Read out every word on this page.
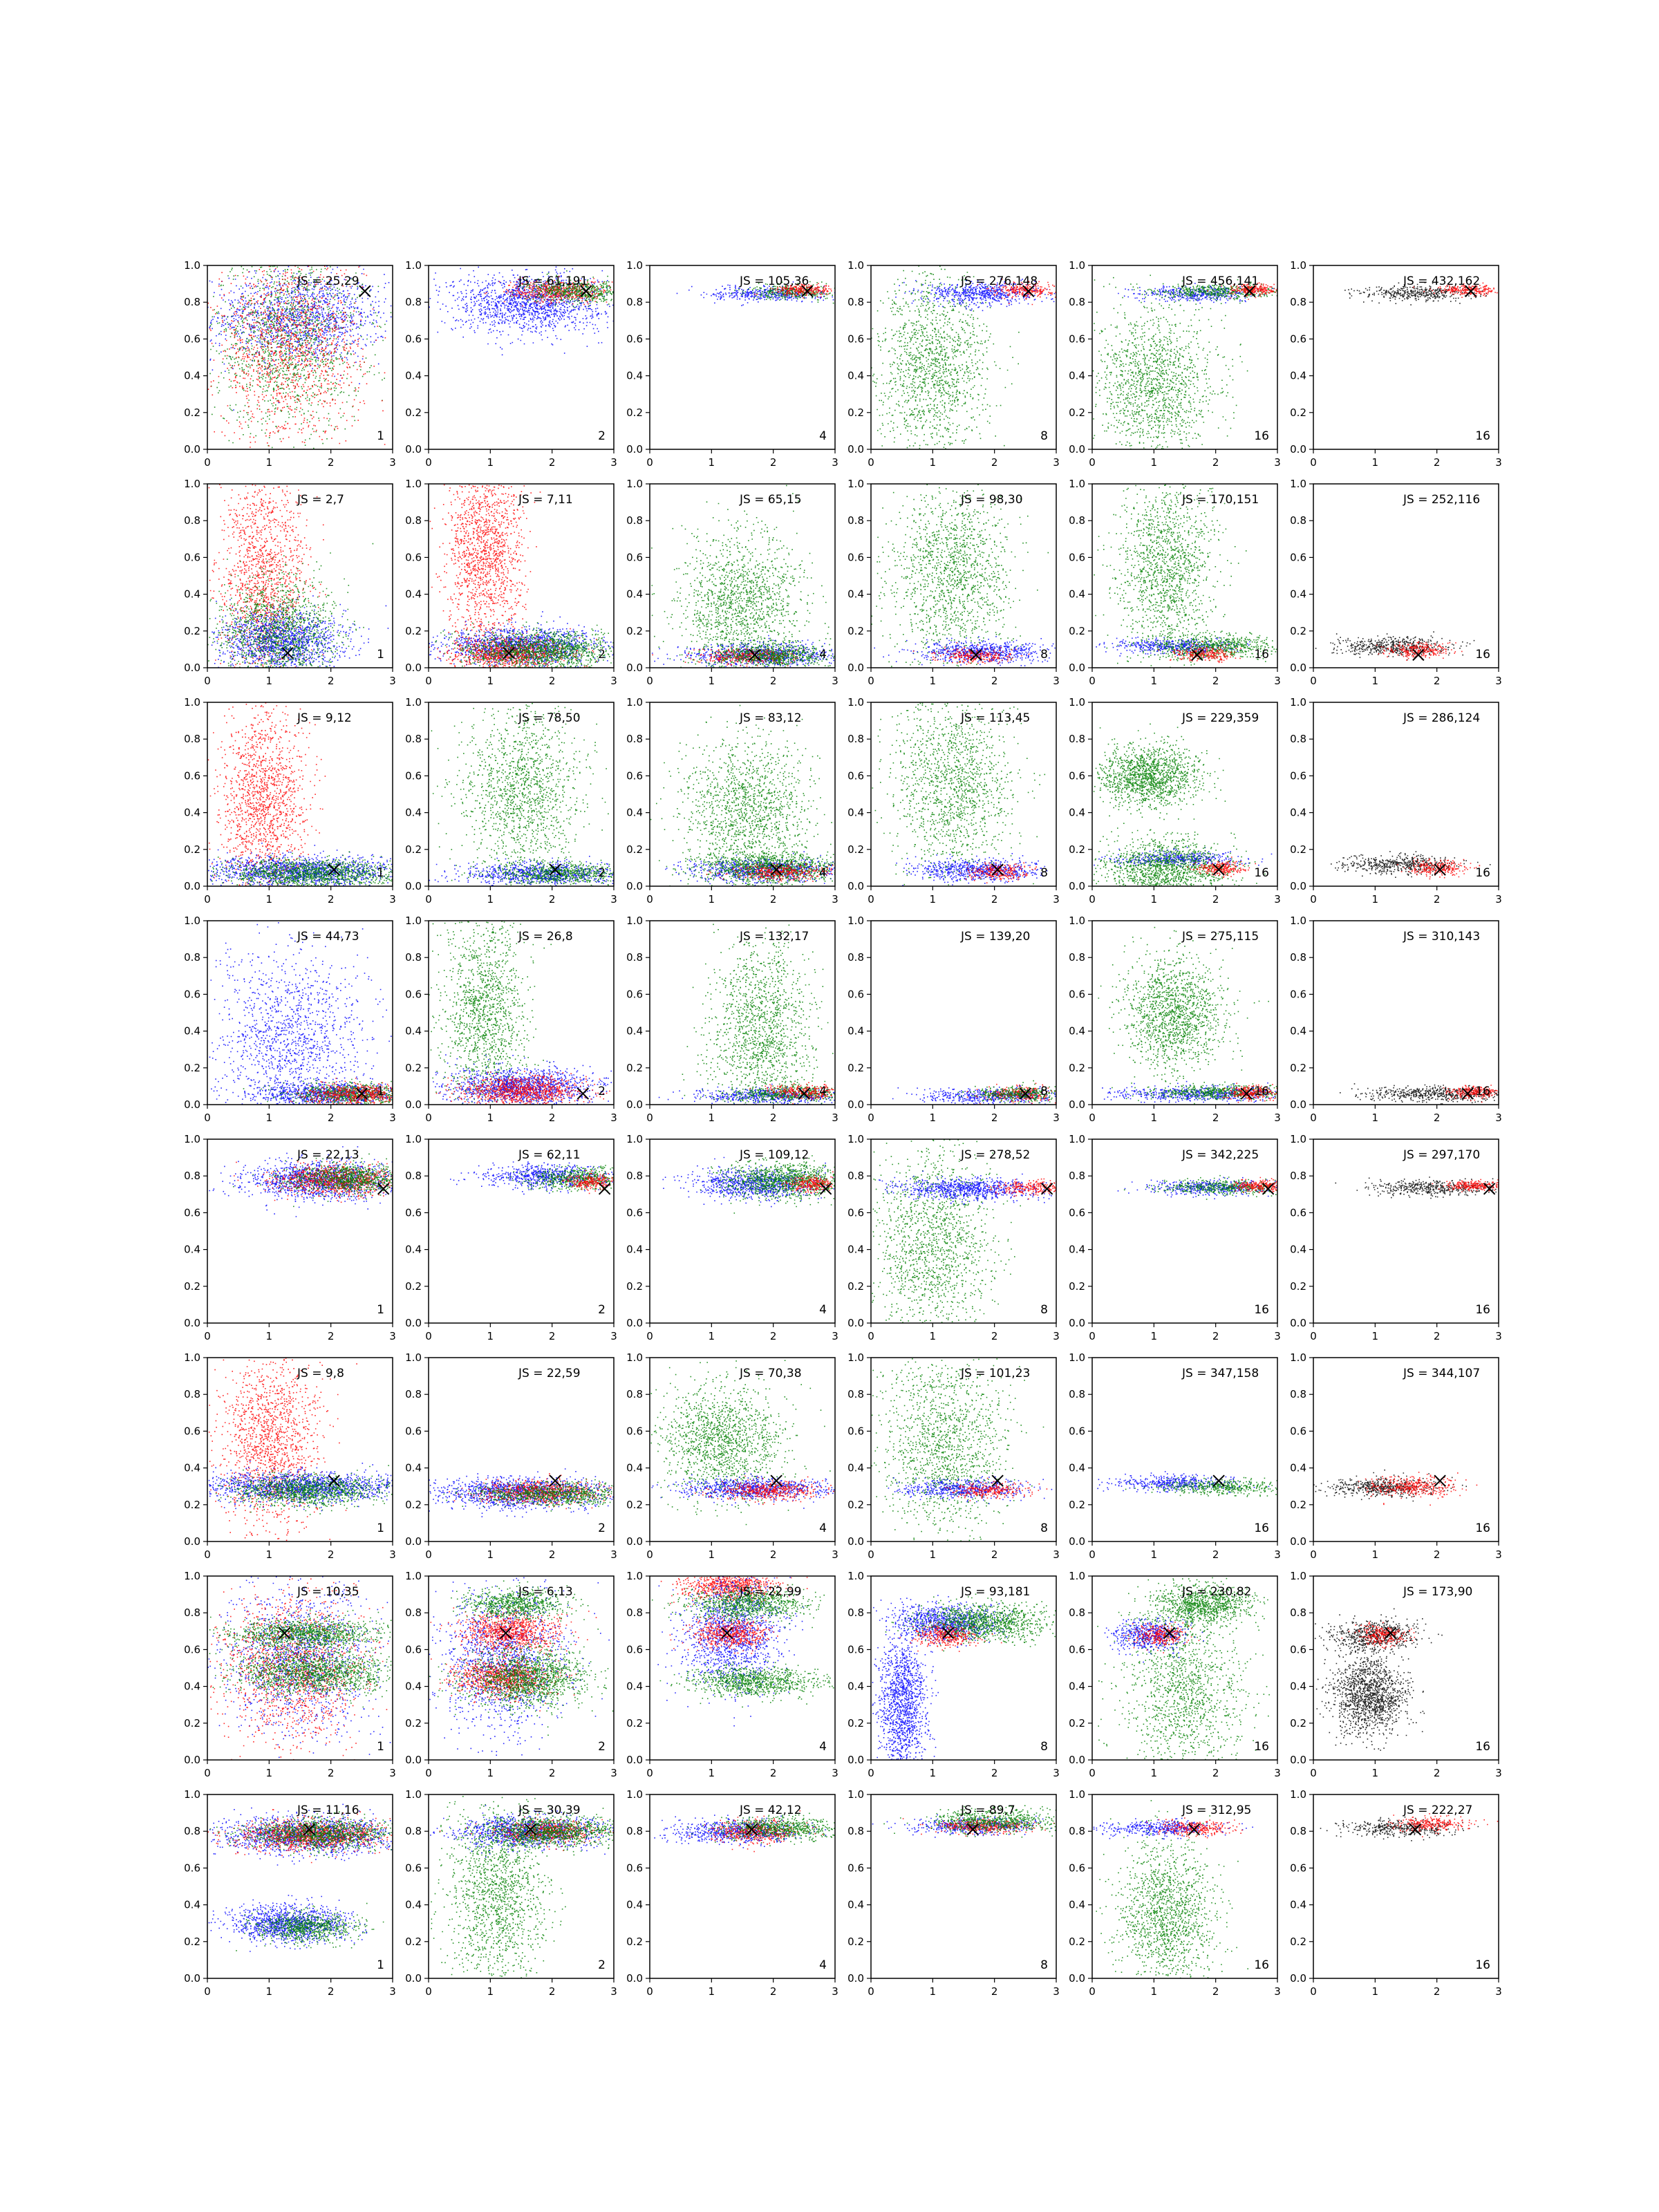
0	1	2	3
0.0
0.2
0.4
0.6
0.8
1.0
JS = 25,29
1
0	1	2	3
0.0
0.2
0.4
0.6
0.8
1.0
JS = 61,191
2
0	1	2	3
0.0
0.2
0.4
0.6
0.8
1.0
JS = 105,36
4
0	1	2	3
0.0
0.2
0.4
0.6
0.8
1.0
JS = 276,148
8
0	1	2	3
0.0
0.2
0.4
0.6
0.8
1.0
JS = 456,141
16
0	1	2	3
0.0
0.2
0.4
0.6
0.8
1.0
JS = 432,162
16
0	1	2	3
0.0
0.2
0.4
0.6
0.8
1.0
JS = 2,7
1
0	1	2	3
0.0
0.2
0.4
0.6
0.8
1.0
JS = 7,11
2
0	1	2	3
0.0
0.2
0.4
0.6
0.8
1.0
JS = 65,15
4
0	1	2	3
0.0
0.2
0.4
0.6
0.8
1.0
JS = 98,30
8
0	1	2	3
0.0
0.2
0.4
0.6
0.8
1.0
JS = 170,151
16
0	1	2	3
0.0
0.2
0.4
0.6
0.8
1.0
JS = 252,116
16
0	1	2	3
0.0
0.2
0.4
0.6
0.8
1.0
JS = 9,12
1
0	1	2	3
0.0
0.2
0.4
0.6
0.8
1.0
JS = 78,50
2
0	1	2	3
0.0
0.2
0.4
0.6
0.8
1.0
JS = 83,12
4
0	1	2	3
0.0
0.2
0.4
0.6
0.8
1.0
JS = 113,45
8
0	1	2	3
0.0
0.2
0.4
0.6
0.8
1.0
JS = 229,359
16
0	1	2	3
0.0
0.2
0.4
0.6
0.8
1.0
JS = 286,124
16
0	1	2	3
0.0
0.2
0.4
0.6
0.8
1.0
JS = 44,73
1
0	1	2	3
0.0
0.2
0.4
0.6
0.8
1.0
JS = 26,8
2
0	1	2	3
0.0
0.2
0.4
0.6
0.8
1.0
JS = 132,17
4
0	1	2	3
0.0
0.2
0.4
0.6
0.8
1.0
JS = 139,20
8
0	1	2	3
0.0
0.2
0.4
0.6
0.8
1.0
JS = 275,115
16
0	1	2	3
0.0
0.2
0.4
0.6
0.8
1.0
JS = 310,143
16
0	1	2	3
0.0
0.2
0.4
0.6
0.8
1.0
JS = 22,13
1
0	1	2	3
0.0
0.2
0.4
0.6
0.8
1.0
JS = 62,11
2
0	1	2	3
0.0
0.2
0.4
0.6
0.8
1.0
JS = 109,12
4
0	1	2	3
0.0
0.2
0.4
0.6
0.8
1.0
JS = 278,52
8
0	1	2	3
0.0
0.2
0.4
0.6
0.8
1.0
JS = 342,225
16
0	1	2	3
0.0
0.2
0.4
0.6
0.8
1.0
JS = 297,170
16
0	1	2	3
0.0
0.2
0.4
0.6
0.8
1.0
JS = 9,8
1
0	1	2	3
0.0
0.2
0.4
0.6
0.8
1.0
JS = 22,59
2
0	1	2	3
0.0
0.2
0.4
0.6
0.8
1.0
JS = 70,38
4
0	1	2	3
0.0
0.2
0.4
0.6
0.8
1.0
JS = 101,23
8
0	1	2	3
0.0
0.2
0.4
0.6
0.8
1.0
JS = 347,158
16
0	1	2	3
0.0
0.2
0.4
0.6
0.8
1.0
JS = 344,107
16
0	1	2	3
0.0
0.2
0.4
0.6
0.8
1.0
JS = 10,35
1
0	1	2	3
0.0
0.2
0.4
0.6
0.8
1.0
JS = 6,13
2
0	1	2	3
0.0
0.2
0.4
0.6
0.8
1.0
JS = 22,99
4
0	1	2	3
0.0
0.2
0.4
0.6
0.8
1.0
JS = 93,181
8
0	1	2	3
0.0
0.2
0.4
0.6
0.8
1.0
JS = 230,82
16
0	1	2	3
0.0
0.2
0.4
0.6
0.8
1.0
JS = 173,90
16
0	1	2	3
0.0
0.2
0.4
0.6
0.8
1.0
JS = 11,16
1
0	1	2	3
0.0
0.2
0.4
0.6
0.8
1.0
JS = 30,39
2
0	1	2	3
0.0
0.2
0.4
0.6
0.8
1.0
JS = 42,12
4
0	1	2	3
0.0
0.2
0.4
0.6
0.8
1.0
JS = 89,7
8
0	1	2	3
0.0
0.2
0.4
0.6
0.8
1.0
JS = 312,95
16
0	1	2	3
0.0
0.2
0.4
0.6
0.8
1.0
JS = 222,27
16
